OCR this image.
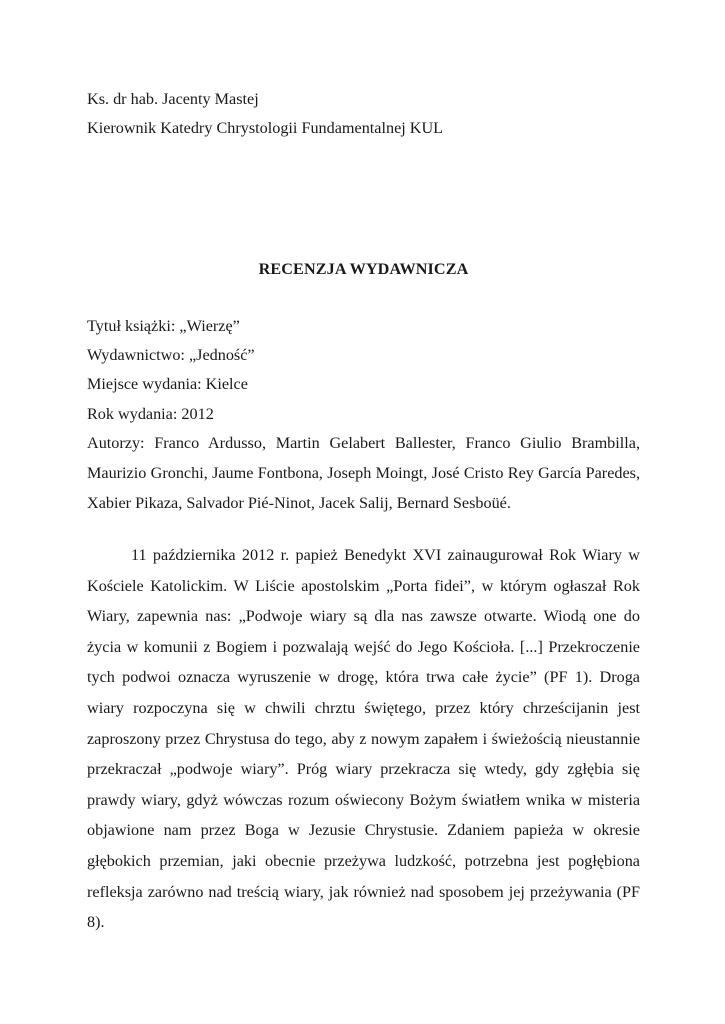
Ks. dr hab. Jacenty Mastej
Kierownik Katedry Chrystologii Fundamentalnej KUL
RECENZJA WYDAWNICZA
Tytuł książki: „Wierzę”
Wydawnictwo: „Jedność”
Miejsce wydania: Kielce
Rok wydania: 2012
Autorzy: Franco Ardusso, Martin Gelabert Ballester, Franco Giulio Brambilla, Maurizio Gronchi, Jaume Fontbona, Joseph Moingt, José Cristo Rey García Paredes, Xabier Pikaza, Salvador Pié-Ninot, Jacek Salij, Bernard Sesboüé.

11 października 2012 r. papież Benedykt XVI zainaugurował Rok Wiary w Kościele Katolickim. W Liście apostolskim „Porta fidei”, w którym ogłaszał Rok Wiary, zapewnia nas: „Podwoje wiary są dla nas zawsze otwarte. Wiodą one do życia w komunii z Bogiem i pozwalają wejść do Jego Kościoła. [...] Przekroczenie tych podwoi oznacza wyruszenie w drogę, która trwa całe życie” (PF 1). Droga wiary rozpoczyna się w chwili chrztu świętego, przez który chrześcijanin jest zaproszony przez Chrystusa do tego, aby z nowym zapałem i świeżością nieustannie przekraczał „podwoje wiary”. Próg wiary przekracza się wtedy, gdy zgłębia się prawdy wiary, gdyż wówczas rozum oświecony Bożym światłem wnika w misteria objawione nam przez Boga w Jezusie Chrystusie. Zdaniem papieża w okresie głębokich przemian, jaki obecnie przeżywa ludzkość, potrzebna jest pogłębiona refleksja zarówno nad treścią wiary, jak również nad sposobem jej przeżywania (PF 8).
